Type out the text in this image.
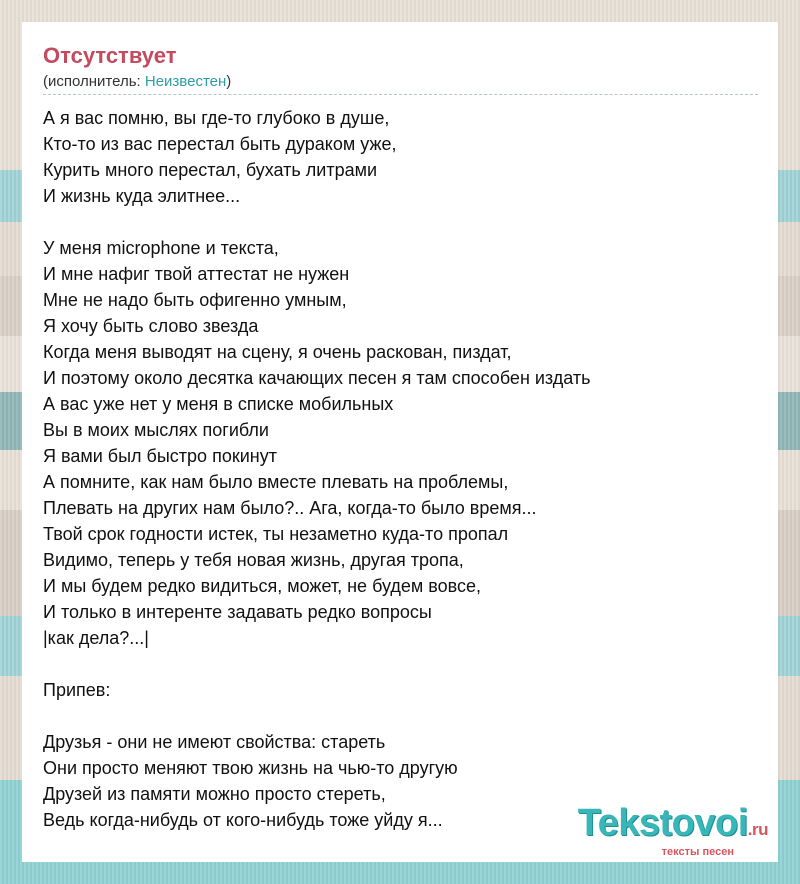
Отсутствует
(исполнитель: Неизвестен)
А я вас помню, вы где-то глубоко в душе,
Кто-то из вас перестал быть дураком уже,
Курить много перестал, бухать литрами
И жизнь куда элитнее...
У меня microphone и текста,
И мне нафиг твой аттестат не нужен
Мне не надо быть офигенно умным,
Я хочу быть слово звезда
Когда меня выводят на сцену, я очень раскован, пиздат,
И поэтому около десятка качающих песен я там способен издать
А вас уже нет у меня в списке мобильных
Вы в моих мыслях погибли
Я вами был быстро покинут
А помните, как нам было вместе плевать на проблемы,
Плевать на других нам было?.. Ага, когда-то было время...
Твой срок годности истек, ты незаметно куда-то пропал
Видимо, теперь у тебя новая жизнь, другая тропа,
И мы будем редко видиться, может, не будем вовсе,
И только в интеренте задавать редко вопросы
|как дела?...|
Припев:
Друзья - они не имеют свойства: стареть
Они просто меняют твою жизнь на чью-то другую
Друзей из памяти можно просто стереть,
Ведь когда-нибудь от кого-нибудь тоже уйду я...	Tekstovoi.ru
тексты песен
